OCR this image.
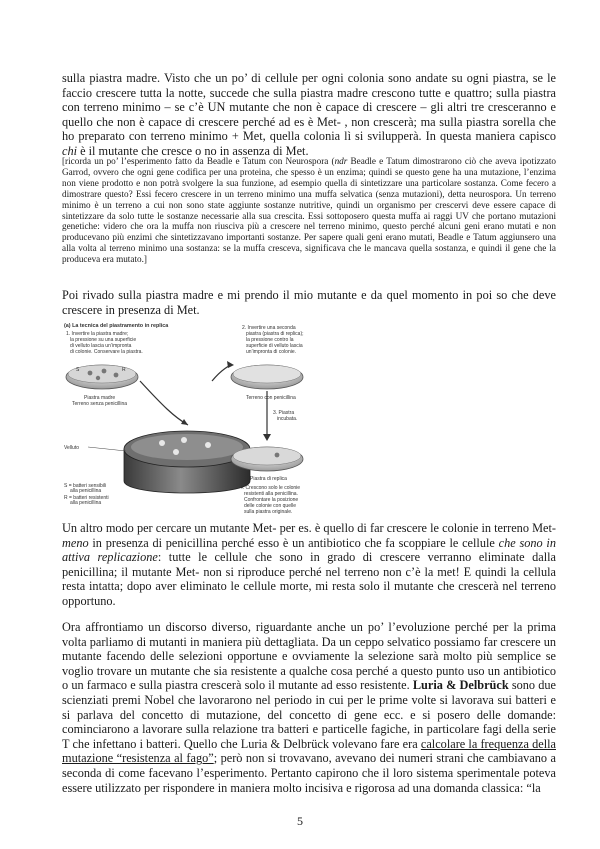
sulla piastra madre. Visto che un po’ di cellule per ogni colonia sono andate su ogni piastra, se le faccio crescere tutta la notte, succede che sulla piastra madre crescono tutte e quattro; sulla piastra con terreno minimo – se c’è UN mutante che non è capace di crescere – gli altri tre cresceranno e quello che non è capace di crescere perché ad es è Met- , non crescerà; ma sulla piastra sorella che ho preparato con terreno minimo + Met, quella colonia lì si svilupperà. In questa maniera capisco chi è il mutante che cresce o no in assenza di Met.

[ricorda un po’ l’esperimento fatto da Beadle e Tatum con Neurospora (ndr Beadle e Tatum dimostrarono ciò che aveva ipotizzato Garrod, ovvero che ogni gene codifica per una proteina, che spesso è un enzima; quindi se questo gene ha una mutazione, l’enzima non viene prodotto e non potrà svolgere la sua funzione, ad esempio quella di sintetizzare una particolare sostanza. Come fecero a dimostrare questo? Essi fecero crescere in un terreno minimo una muffa selvatica (senza mutazioni), detta neurospora. Un terreno minimo è un terreno a cui non sono state aggiunte sostanze nutritive, quindi un organismo per crescervi deve essere capace di sintetizzare da solo tutte le sostanze necessarie alla sua crescita. Essi sottoposero questa muffa ai raggi UV che portano mutazioni genetiche: videro che ora la muffa non riusciva più a crescere nel terreno minimo, questo perché alcuni geni erano mutati e non producevano più enzimi che sintetizzavano importanti sostanze. Per sapere quali geni erano mutati, Beadle e Tatum aggiunsero una alla volta al terreno minimo una sostanza: se la muffa cresceva, significava che le mancava quella sostanza, e quindi il gene che la produceva era mutato.]

Poi rivado sulla piastra madre e mi prendo il mio mutante e da quel momento in poi so che deve crescere in presenza di Met.

(a) La tecnica del piastramento in replica
1. Invertire la piastra madre;
la pressione su una superficie
di velluto lascia un’impronta
di colonie. Conservare la piastra.
2. Invertire una seconda
piastra (piastra di replica);
la pressione contro la
superficie di velluto lascia
un’impronta di colonie.
S	R
Piastra madre
Terreno senza penicillina
Terreno con penicillina
3. Piastra
incubata.
Velluto
S = batteri sensibili
alla penicillina
R = batteri resistenti
alla penicillina
Piastra di replica
4. Crescono solo le colonie
resistenti alla penicillina.
Confrontare la posizione
delle colonie con quelle
sulla piastra originale.

Un altro modo per cercare un mutante Met- per es. è quello di far crescere le colonie in terreno Met-meno in presenza di penicillina perché esso è un antibiotico che fa scoppiare le cellule che sono in attiva replicazione: tutte le cellule che sono in grado di crescere verranno eliminate dalla penicillina; il mutante Met- non si riproduce perché nel terreno non c’è la met! E quindi la cellula resta intatta; dopo aver eliminato le cellule morte, mi resta solo il mutante che crescerà nel terreno opportuno.

Ora affrontiamo un discorso diverso, riguardante anche un po’ l’evoluzione perché per la prima volta parliamo di mutanti in maniera più dettagliata. Da un ceppo selvatico possiamo far crescere un mutante facendo delle selezioni opportune e ovviamente la selezione sarà molto più semplice se voglio trovare un mutante che sia resistente a qualche cosa perché a questo punto uso un antibiotico o un farmaco e sulla piastra crescerà solo il mutante ad esso resistente. Luria & Delbrück sono due scienziati premi Nobel che lavorarono nel periodo in cui per le prime volte si lavorava sui batteri e si parlava del concetto di mutazione, del concetto di gene ecc. e si posero delle domande: cominciarono a lavorare sulla relazione tra batteri e particelle fagiche, in particolare fagi della serie T che infettano i batteri. Quello che Luria & Delbrück volevano fare era calcolare la frequenza della mutazione “resistenza al fago”; però non si trovavano, avevano dei numeri strani che cambiavano a seconda di come facevano l’esperimento. Pertanto capirono che il loro sistema sperimentale poteva essere utilizzato per rispondere in maniera molto incisiva e rigorosa ad una domanda classica: “la

5
